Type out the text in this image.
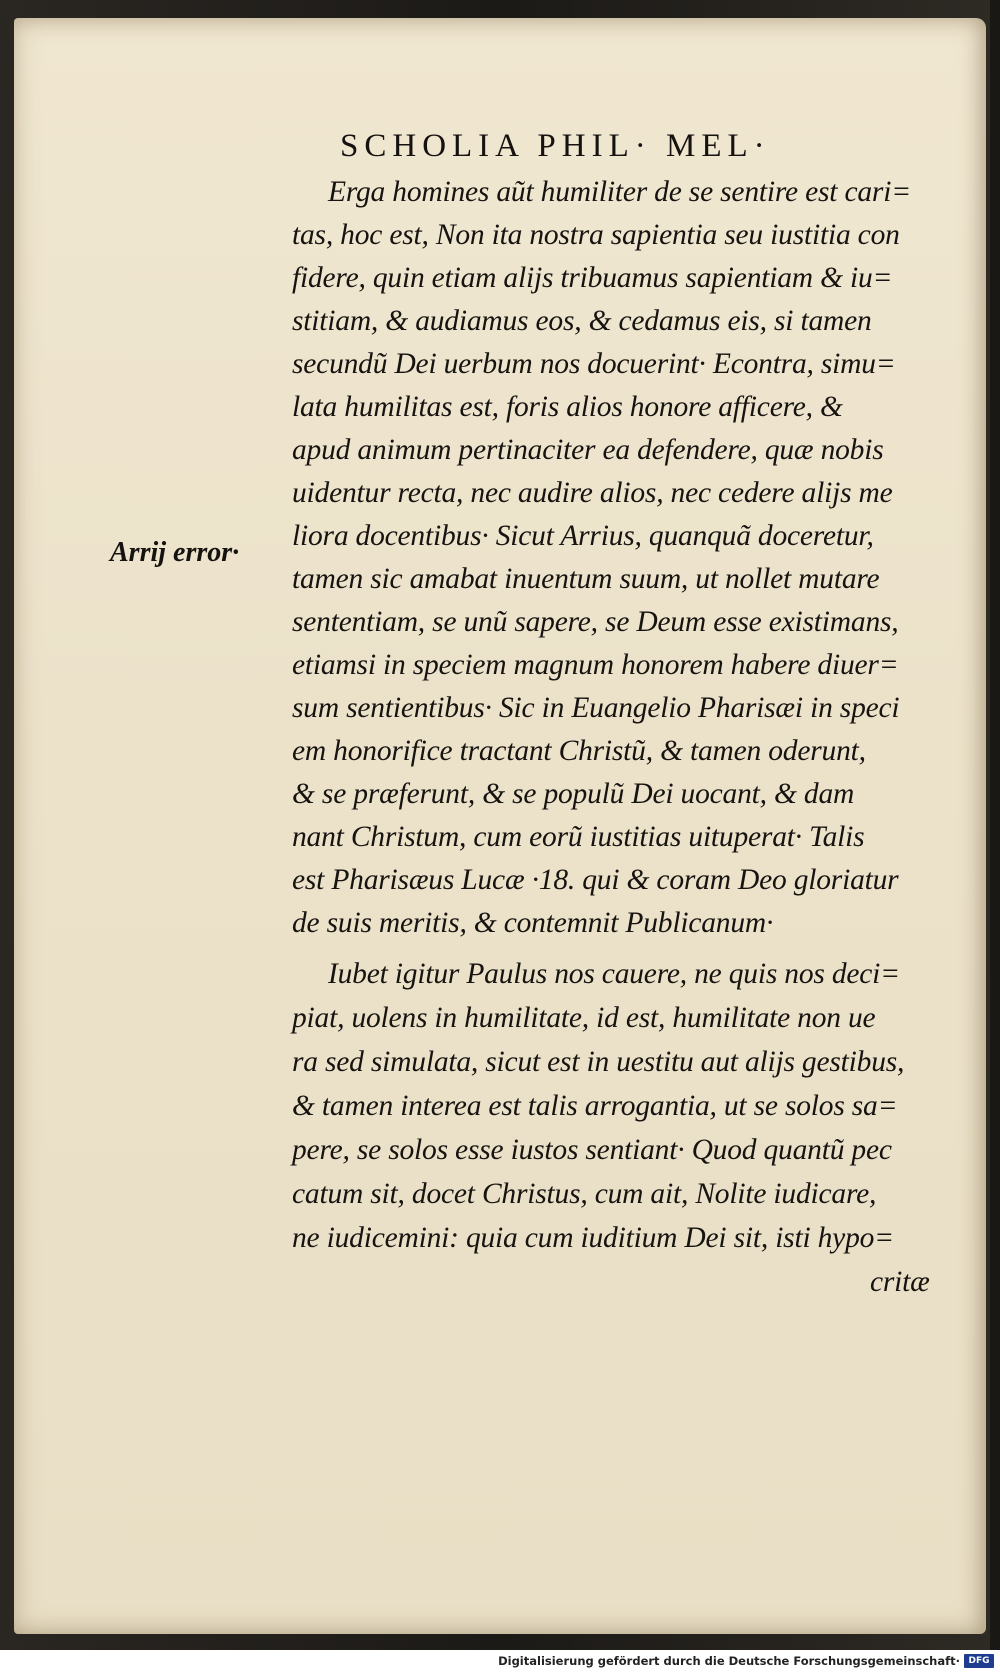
SCHOLIA PHIL· MEL·
Arrij error·
Erga homines aũt humiliter de se sentire est cari=
tas, hoc est, Non ita nostra sapientia seu iustitia con
fidere, quin etiam alijs tribuamus sapientiam & iu=
stitiam, & audiamus eos, & cedamus eis, si tamen
secundũ Dei uerbum nos docuerint· Econtra, simu=
lata humilitas est, foris alios honore afficere, &
apud animum pertinaciter ea defendere, quæ nobis
uidentur recta, nec audire alios, nec cedere alijs me
liora docentibus· Sicut Arrius, quanquã doceretur,
tamen sic amabat inuentum suum, ut nollet mutare
sententiam, se unũ sapere, se Deum esse existimans,
etiamsi in speciem magnum honorem habere diuer=
sum sentientibus· Sic in Euangelio Pharisæi in speci
em honorifice tractant Christũ, & tamen oderunt,
& se præferunt, & se populũ Dei uocant, & dam
nant Christum, cum eorũ iustitias uituperat· Talis
est Pharisæus Lucæ ·18. qui & coram Deo gloriatur
de suis meritis, & contemnit Publicanum·
Iubet igitur Paulus nos cauere, ne quis nos deci=
piat, uolens in humilitate, id est, humilitate non ue
ra sed simulata, sicut est in uestitu aut alijs gestibus,
& tamen interea est talis arrogantia, ut se solos sa=
pere, se solos esse iustos sentiant· Quod quantũ pec
catum sit, docet Christus, cum ait, Nolite iudicare,
ne iudicemini: quia cum iuditium Dei sit, isti hypo=
critæ
Digitalisierung gefördert durch die Deutsche Forschungsgemeinschaft· DFG
